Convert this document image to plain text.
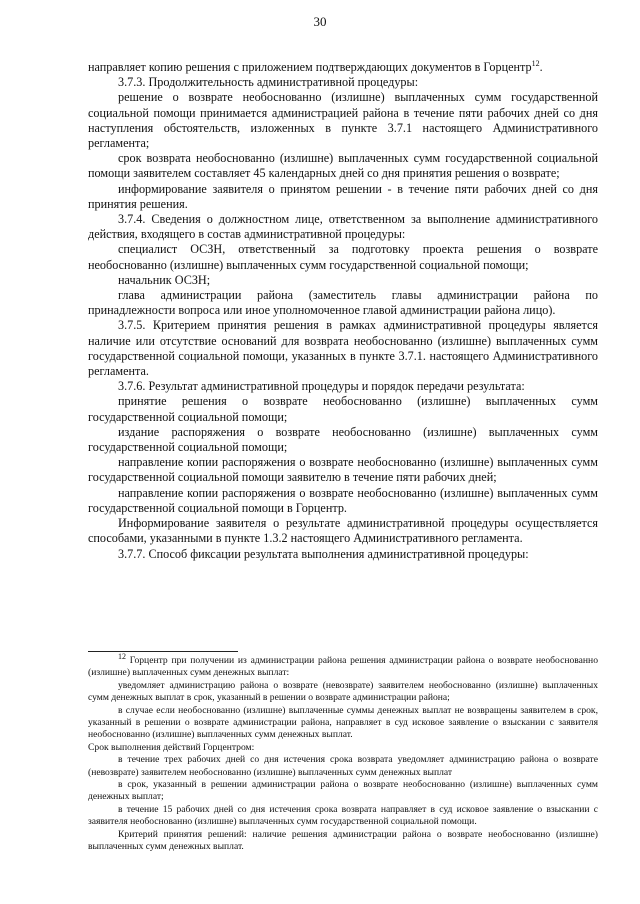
30

направляет копию решения с приложением подтверждающих документов в Горцентр$^{12}$.

3.7.3. Продолжительность административной процедуры:

решение о возврате необоснованно (излишне) выплаченных сумм государственной социальной помощи принимается администрацией района в течение пяти рабочих дней со дня наступления обстоятельств, изложенных в пункте 3.7.1 настоящего Административного регламента;

срок возврата необоснованно (излишне) выплаченных сумм государственной социальной помощи заявителем составляет 45 календарных дней со дня принятия решения о возврате;

информирование заявителя о принятом решении - в течение пяти рабочих дней со дня принятия решения.

3.7.4. Сведения о должностном лице, ответственном за выполнение административного действия, входящего в состав административной процедуры:

специалист ОСЗН, ответственный за подготовку проекта решения о возврате необоснованно (излишне) выплаченных сумм государственной социальной помощи;

начальник ОСЗН;

глава администрации района (заместитель главы администрации района по принадлежности вопроса или иное уполномоченное главой администрации района лицо).

3.7.5. Критерием принятия решения в рамках административной процедуры является наличие или отсутствие оснований для возврата необоснованно (излишне) выплаченных сумм государственной социальной помощи, указанных в пункте 3.7.1. настоящего Административного регламента.

3.7.6. Результат административной процедуры и порядок передачи результата:

принятие решения о возврате необоснованно (излишне) выплаченных сумм государственной социальной помощи;

издание распоряжения о возврате необоснованно (излишне) выплаченных сумм государственной социальной помощи;

направление копии распоряжения о возврате необоснованно (излишне) выплаченных сумм государственной социальной помощи заявителю в течение пяти рабочих дней;

направление копии распоряжения о возврате необоснованно (излишне) выплаченных сумм государственной социальной помощи в Горцентр.

Информирование заявителя о результате административной процедуры осуществляется способами, указанными в пункте 1.3.2 настоящего Административного регламента.

3.7.7. Способ фиксации результата выполнения административной процедуры:

$^{12}$ Горцентр при получении из администрации района решения администрации района о возврате необоснованно (излишне) выплаченных сумм денежных выплат:

уведомляет администрацию района о возврате (невозврате) заявителем необоснованно (излишне) выплаченных сумм денежных выплат в срок, указанный в решении о возврате администрации района;

в случае если необоснованно (излишне) выплаченные суммы денежных выплат не возвращены заявителем в срок, указанный в решении о возврате администрации района, направляет в суд исковое заявление о взыскании с заявителя необоснованно (излишне) выплаченных сумм денежных выплат.

Срок выполнения действий Горцентром:

в течение трех рабочих дней со дня истечения срока возврата уведомляет администрацию района о возврате (невозврате) заявителем необоснованно (излишне) выплаченных сумм денежных выплат

в срок, указанный в решении администрации района о возврате необоснованно (излишне) выплаченных сумм денежных выплат;

в течение 15 рабочих дней со дня истечения срока возврата направляет в суд исковое заявление о взыскании с заявителя необоснованно (излишне) выплаченных сумм государственной социальной помощи.

Критерий принятия решений: наличие решения администрации района о возврате необоснованно (излишне) выплаченных сумм денежных выплат.
